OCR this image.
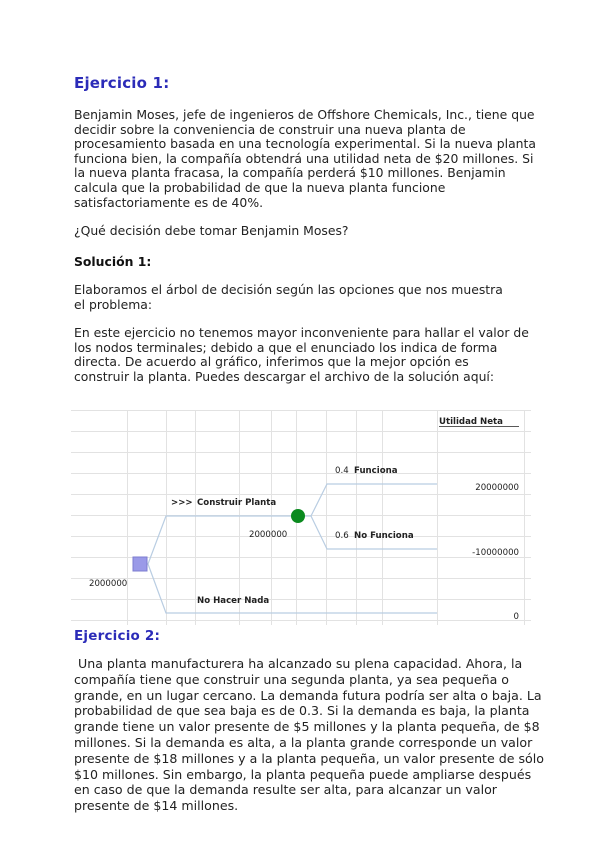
Ejercicio 1:
Benjamin Moses, jefe de ingenieros de Offshore Chemicals, Inc., tiene que
decidir sobre la conveniencia de construir una nueva planta de
procesamiento basada en una tecnología experimental. Si la nueva planta
funciona bien, la compañía obtendrá una utilidad neta de $20 millones. Si
la nueva planta fracasa, la compañía perderá $10 millones. Benjamin
calcula que la probabilidad de que la nueva planta funcione
satisfactoriamente es de 40%.
¿Qué decisión debe tomar Benjamin Moses?
Solución 1:
Elaboramos el árbol de decisión según las opciones que nos muestra
el problema:
En este ejercicio no tenemos mayor inconveniente para hallar el valor de
los nodos terminales; debido a que el enunciado los indica de forma
directa. De acuerdo al gráfico, inferimos que la mejor opción es
construir la planta. Puedes descargar el archivo de la solución aquí:
Utilidad Neta
>>> Construir Planta
2000000
2000000
No Hacer Nada
0.4 Funciona
0.6 No Funciona
20000000
-10000000
0
Ejercicio 2:
Una planta manufacturera ha alcanzado su plena capacidad. Ahora, la
compañía tiene que construir una segunda planta, ya sea pequeña o
grande, en un lugar cercano. La demanda futura podría ser alta o baja. La
probabilidad de que sea baja es de 0.3. Si la demanda es baja, la planta
grande tiene un valor presente de $5 millones y la planta pequeña, de $8
millones. Si la demanda es alta, a la planta grande corresponde un valor
presente de $18 millones y a la planta pequeña, un valor presente de sólo
$10 millones. Sin embargo, la planta pequeña puede ampliarse después
en caso de que la demanda resulte ser alta, para alcanzar un valor
presente de $14 millones.
